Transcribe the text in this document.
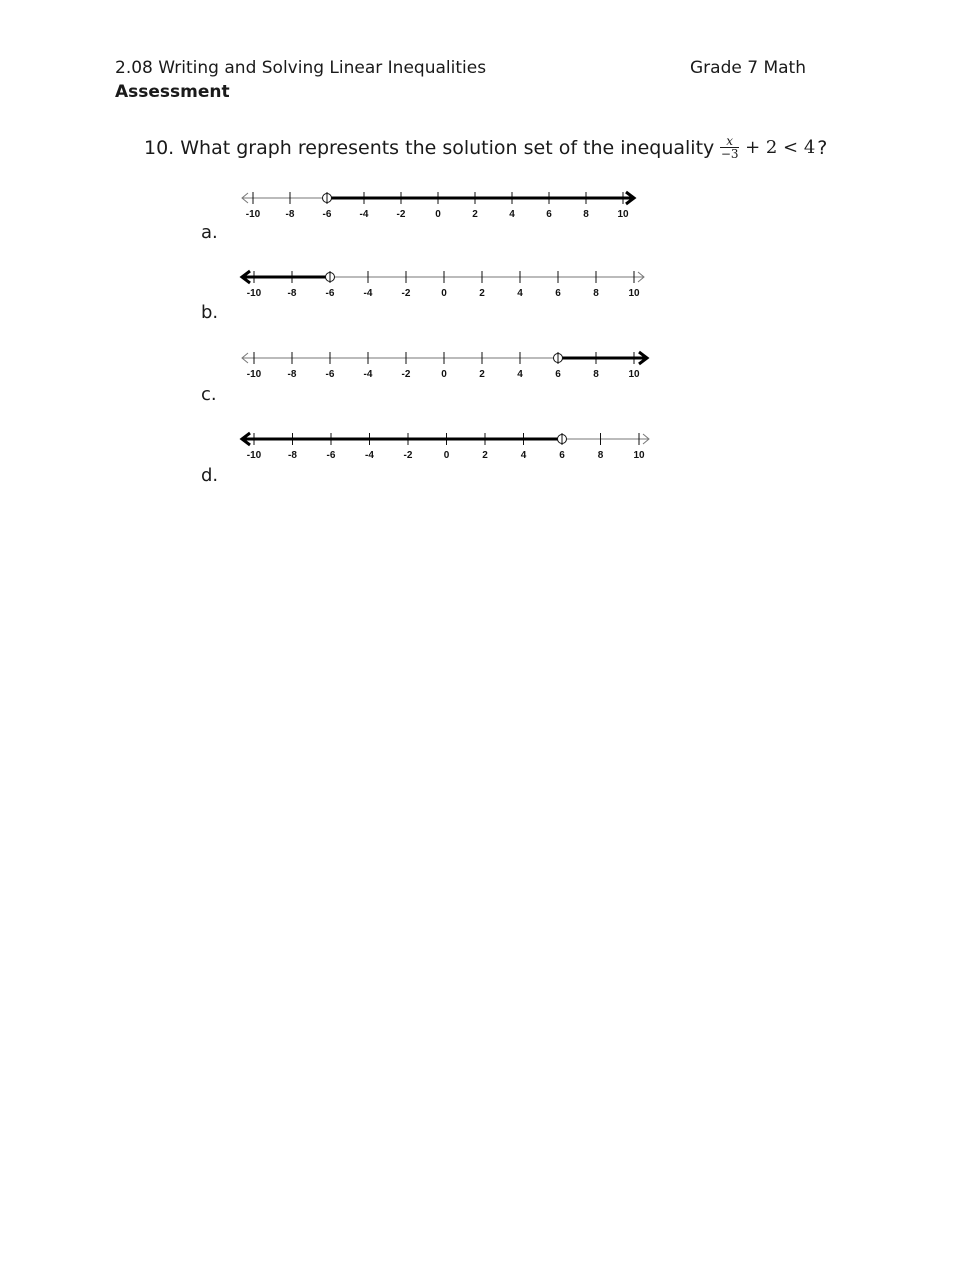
2.08 Writing and Solving Linear Inequalities	Grade 7 Math
Assessment
10. What graph represents the solution set of the inequality $\frac{x}{-3} + 2 < 4$ ?
a.
-10	-8	-6	-4	-2	0	2	4	6	8	10
b.
-10	-8	-6	-4	-2	0	2	4	6	8	10
c.
-10	-8	-6	-4	-2	0	2	4	6	8	10
d.
-10	-8	-6	-4	-2	0	2	4	6	8	10
